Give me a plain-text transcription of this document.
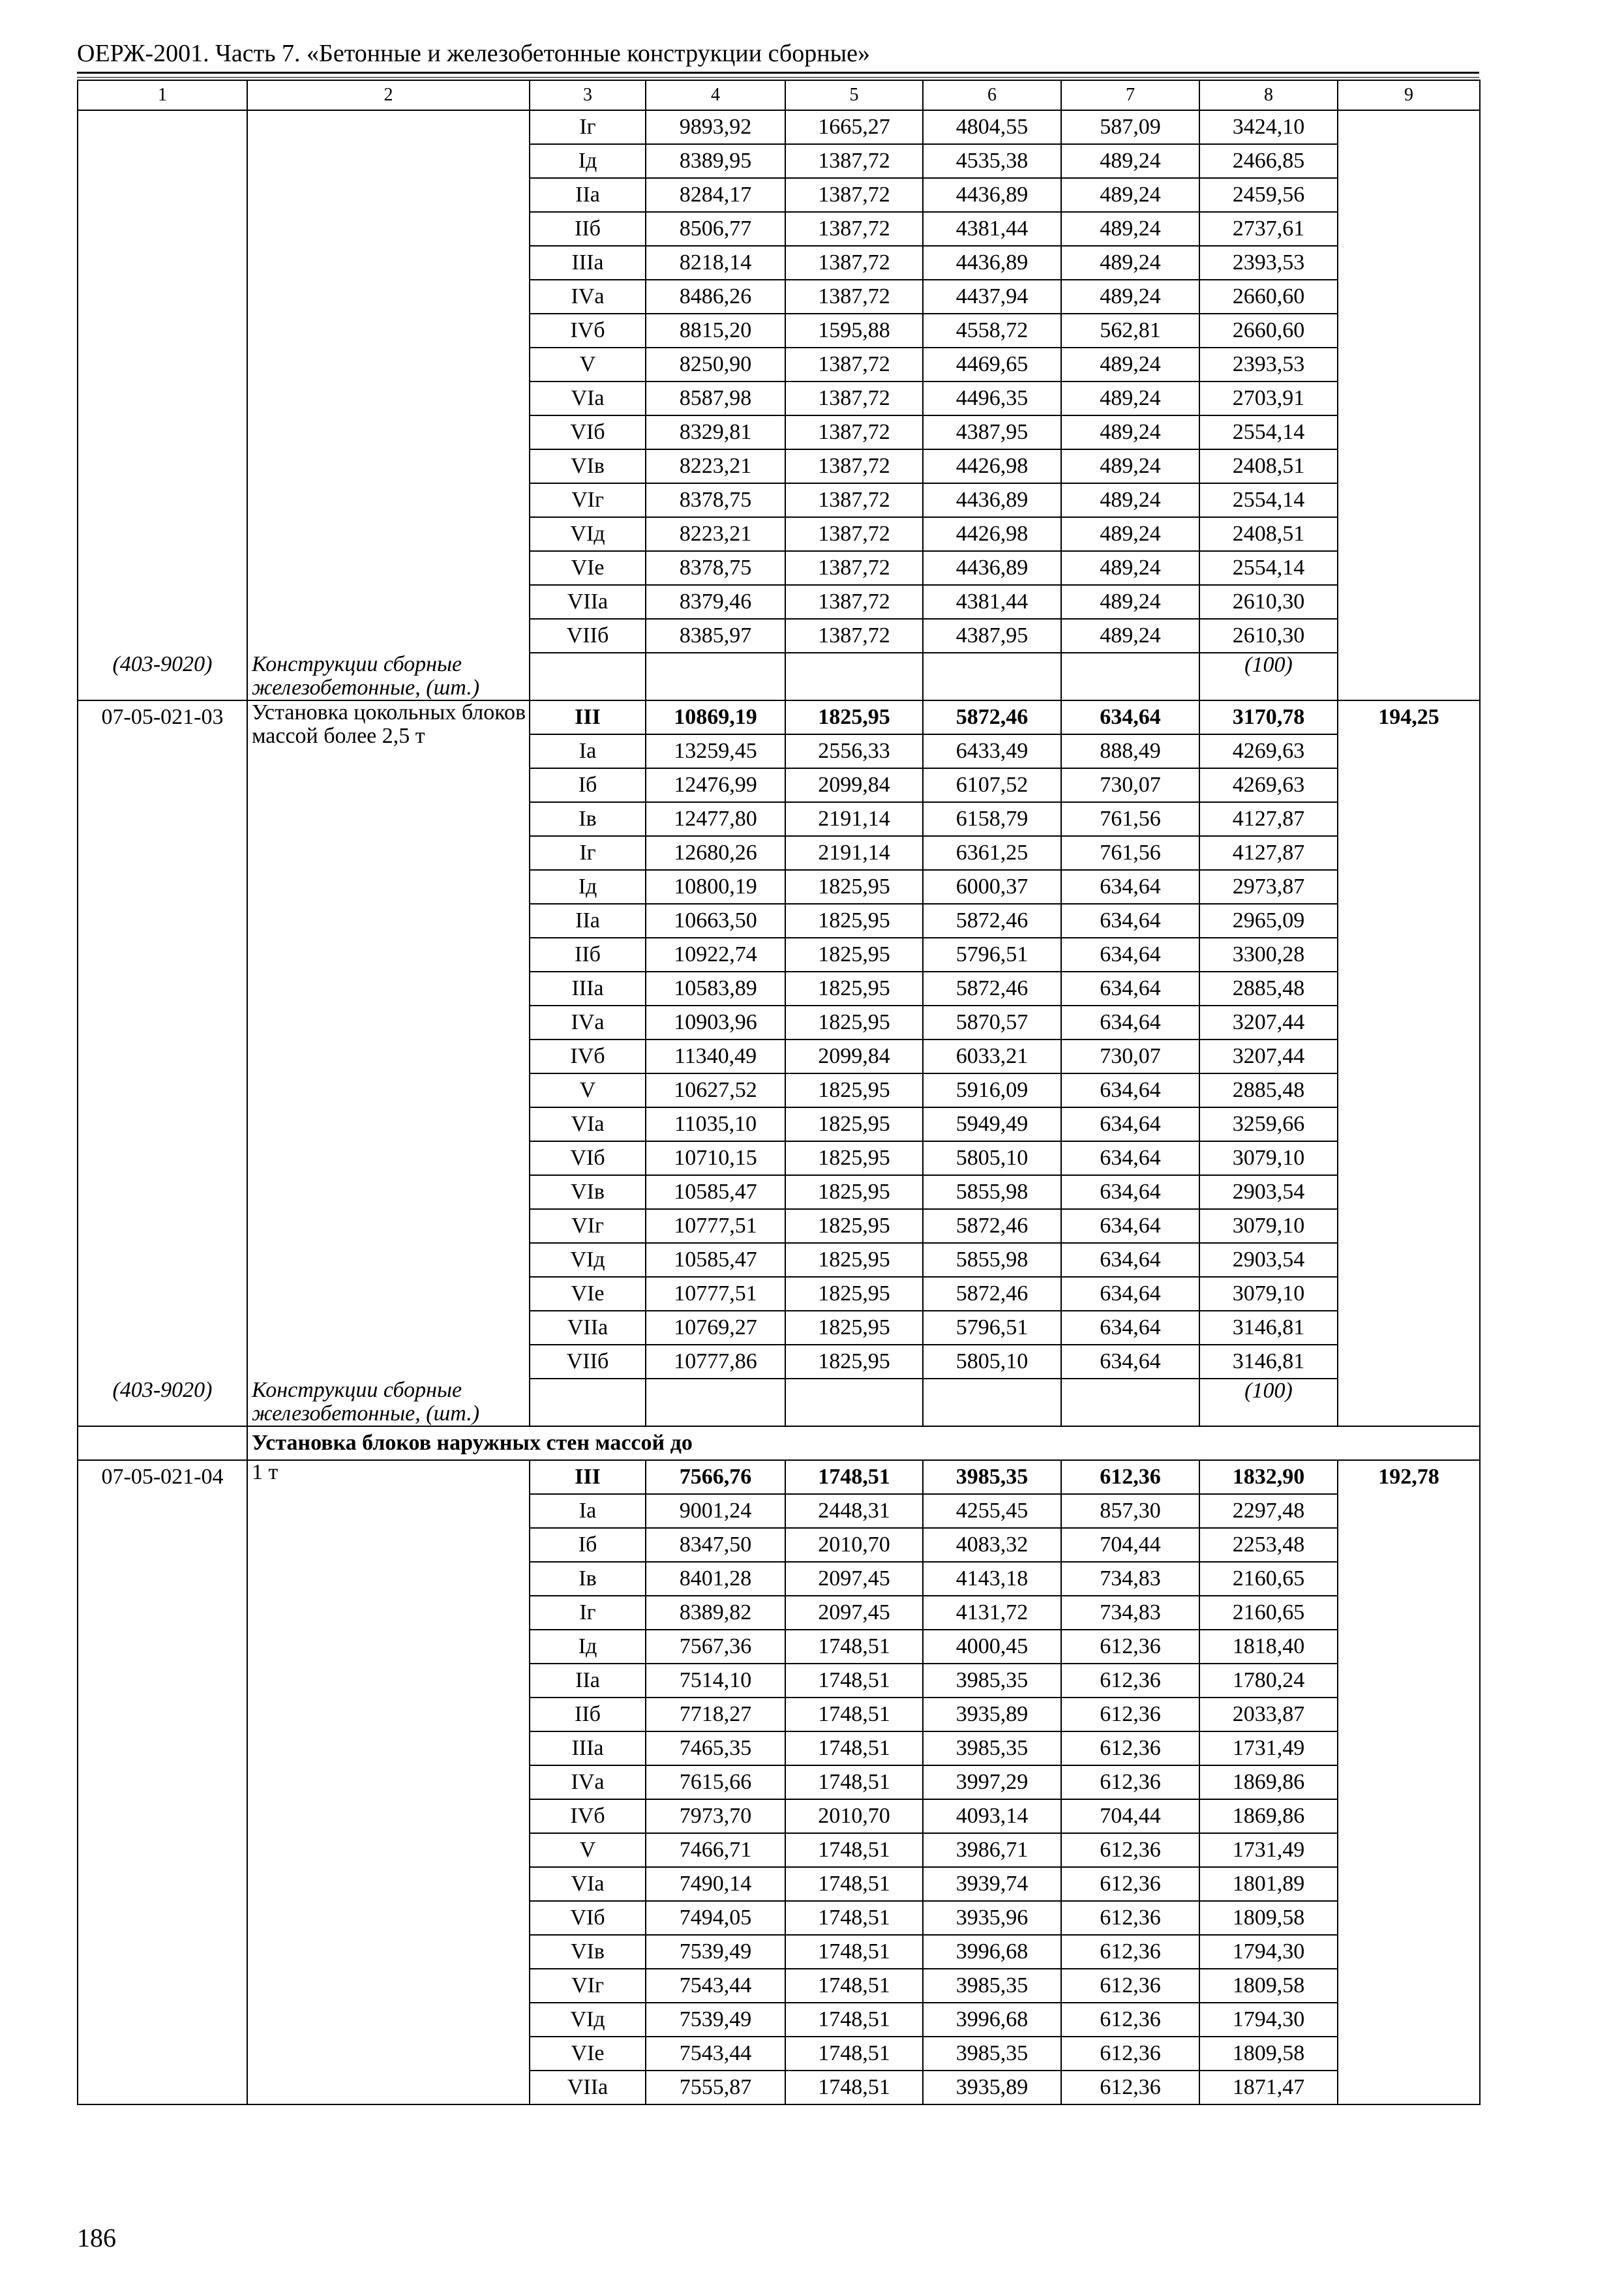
ОЕРЖ-2001. Часть 7. «Бетонные и железобетонные конструкции сборные»
1	2	3	4	5	6	7	8	9
		Iг	9893,92	1665,27	4804,55	587,09	3424,10	
		Iд	8389,95	1387,72	4535,38	489,24	2466,85	
		IIа	8284,17	1387,72	4436,89	489,24	2459,56	
		IIб	8506,77	1387,72	4381,44	489,24	2737,61	
		IIIа	8218,14	1387,72	4436,89	489,24	2393,53	
		IVа	8486,26	1387,72	4437,94	489,24	2660,60	
		IVб	8815,20	1595,88	4558,72	562,81	2660,60	
		V	8250,90	1387,72	4469,65	489,24	2393,53	
		VIа	8587,98	1387,72	4496,35	489,24	2703,91	
		VIб	8329,81	1387,72	4387,95	489,24	2554,14	
		VIв	8223,21	1387,72	4426,98	489,24	2408,51	
		VIг	8378,75	1387,72	4436,89	489,24	2554,14	
		VIд	8223,21	1387,72	4426,98	489,24	2408,51	
		VIе	8378,75	1387,72	4436,89	489,24	2554,14	
		VIIа	8379,46	1387,72	4381,44	489,24	2610,30	
		VIIб	8385,97	1387,72	4387,95	489,24	2610,30	
(403-9020)	Конструкции сборные железобетонные, (шт.)						(100)	
07-05-021-03	Установка цокольных блоков массой более 2,5 т	III	10869,19	1825,95	5872,46	634,64	3170,78	194,25
		Iа	13259,45	2556,33	6433,49	888,49	4269,63	
		Iб	12476,99	2099,84	6107,52	730,07	4269,63	
		Iв	12477,80	2191,14	6158,79	761,56	4127,87	
		Iг	12680,26	2191,14	6361,25	761,56	4127,87	
		Iд	10800,19	1825,95	6000,37	634,64	2973,87	
		IIа	10663,50	1825,95	5872,46	634,64	2965,09	
		IIб	10922,74	1825,95	5796,51	634,64	3300,28	
		IIIа	10583,89	1825,95	5872,46	634,64	2885,48	
		IVа	10903,96	1825,95	5870,57	634,64	3207,44	
		IVб	11340,49	2099,84	6033,21	730,07	3207,44	
		V	10627,52	1825,95	5916,09	634,64	2885,48	
		VIа	11035,10	1825,95	5949,49	634,64	3259,66	
		VIб	10710,15	1825,95	5805,10	634,64	3079,10	
		VIв	10585,47	1825,95	5855,98	634,64	2903,54	
		VIг	10777,51	1825,95	5872,46	634,64	3079,10	
		VIд	10585,47	1825,95	5855,98	634,64	2903,54	
		VIе	10777,51	1825,95	5872,46	634,64	3079,10	
		VIIа	10769,27	1825,95	5796,51	634,64	3146,81	
		VIIб	10777,86	1825,95	5805,10	634,64	3146,81	
(403-9020)	Конструкции сборные железобетонные, (шт.)						(100)	
	Установка блоков наружных стен массой до							
07-05-021-04	1 т	III	7566,76	1748,51	3985,35	612,36	1832,90	192,78
		Iа	9001,24	2448,31	4255,45	857,30	2297,48	
		Iб	8347,50	2010,70	4083,32	704,44	2253,48	
		Iв	8401,28	2097,45	4143,18	734,83	2160,65	
		Iг	8389,82	2097,45	4131,72	734,83	2160,65	
		Iд	7567,36	1748,51	4000,45	612,36	1818,40	
		IIа	7514,10	1748,51	3985,35	612,36	1780,24	
		IIб	7718,27	1748,51	3935,89	612,36	2033,87	
		IIIа	7465,35	1748,51	3985,35	612,36	1731,49	
		IVа	7615,66	1748,51	3997,29	612,36	1869,86	
		IVб	7973,70	2010,70	4093,14	704,44	1869,86	
		V	7466,71	1748,51	3986,71	612,36	1731,49	
		VIа	7490,14	1748,51	3939,74	612,36	1801,89	
		VIб	7494,05	1748,51	3935,96	612,36	1809,58	
		VIв	7539,49	1748,51	3996,68	612,36	1794,30	
		VIг	7543,44	1748,51	3985,35	612,36	1809,58	
		VIд	7539,49	1748,51	3996,68	612,36	1794,30	
		VIе	7543,44	1748,51	3985,35	612,36	1809,58	
		VIIа	7555,87	1748,51	3935,89	612,36	1871,47	
186
